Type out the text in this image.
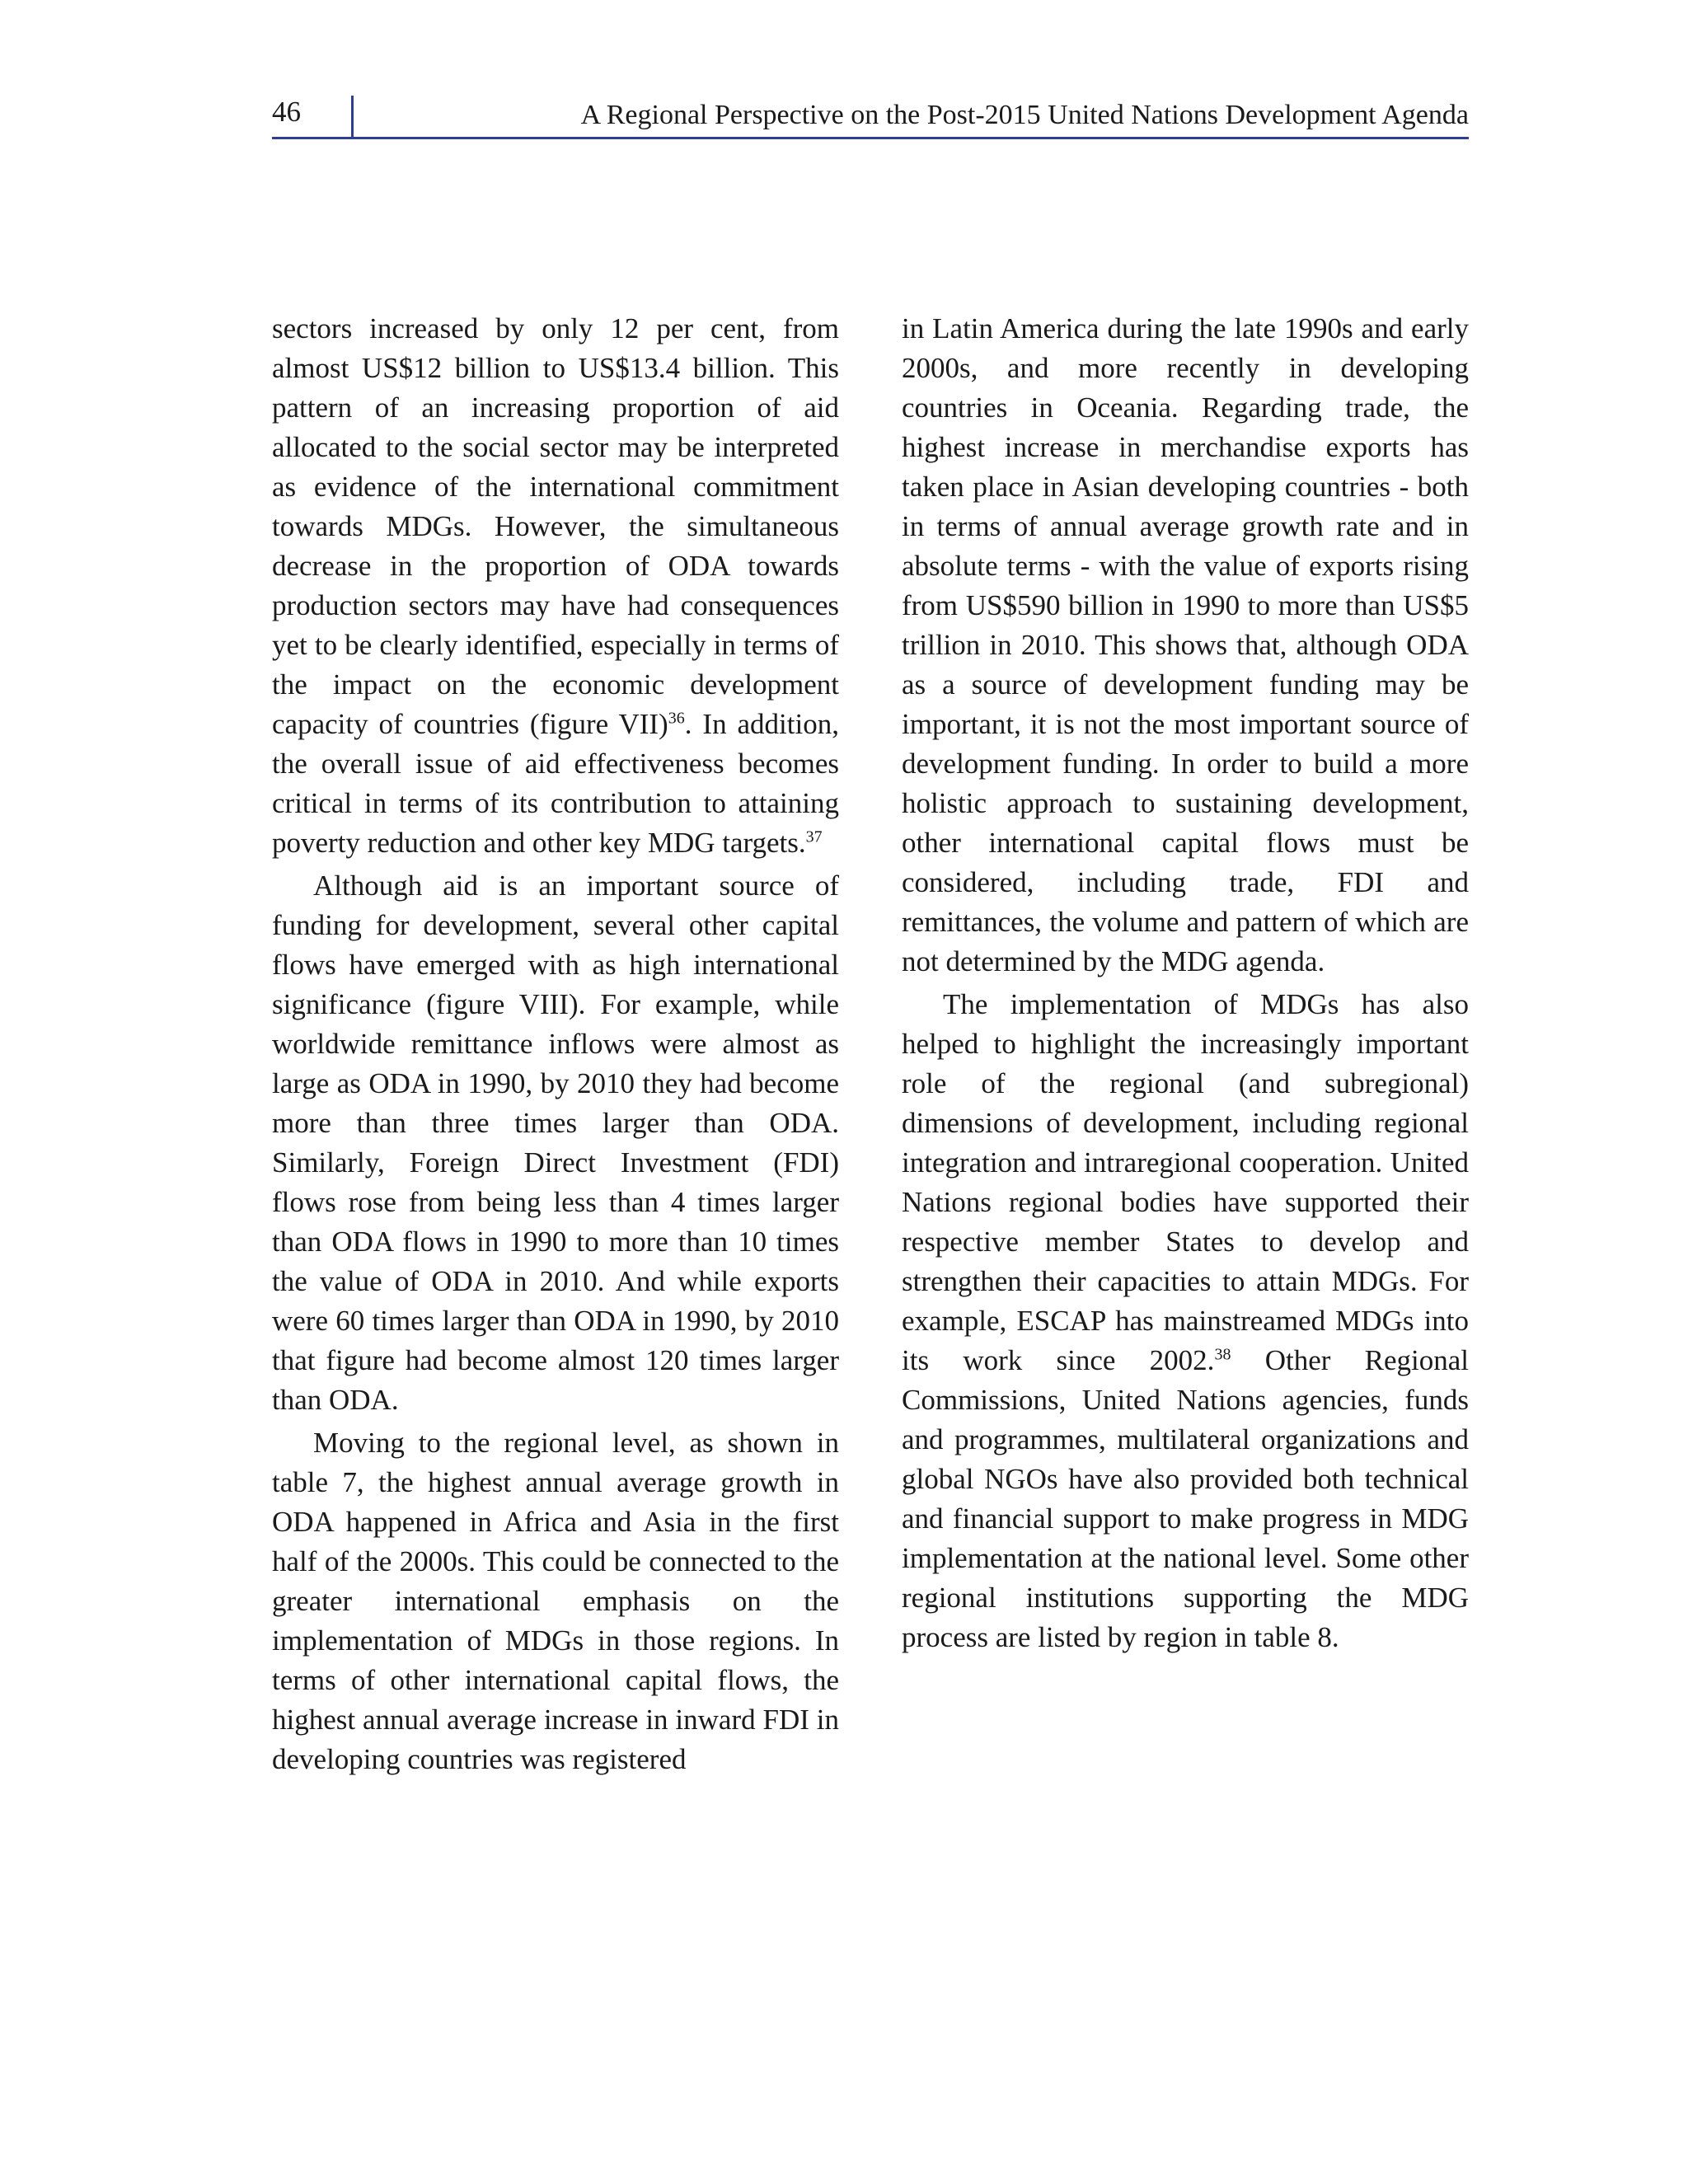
46	A Regional Perspective on the Post-2015 United Nations Development Agenda

sectors increased by only 12 per cent, from almost US$12 billion to US$13.4 billion. This pattern of an increasing proportion of aid allocated to the social sector may be interpreted as evidence of the international commitment towards MDGs. However, the simultaneous decrease in the proportion of ODA towards production sectors may have had consequences yet to be clearly identified, especially in terms of the impact on the economic development capacity of countries (figure VII)$^{36}$. In addition, the overall issue of aid effectiveness becomes critical in terms of its contribution to attaining poverty reduction and other key MDG targets.$^{37}$

Although aid is an important source of funding for development, several other capital flows have emerged with as high international significance (figure VIII). For example, while worldwide remittance inflows were almost as large as ODA in 1990, by 2010 they had become more than three times larger than ODA. Similarly, Foreign Direct Investment (FDI) flows rose from being less than 4 times larger than ODA flows in 1990 to more than 10 times the value of ODA in 2010. And while exports were 60 times larger than ODA in 1990, by 2010 that figure had become almost 120 times larger than ODA.

Moving to the regional level, as shown in table 7, the highest annual average growth in ODA happened in Africa and Asia in the first half of the 2000s. This could be connected to the greater international emphasis on the implementation of MDGs in those regions. In terms of other international capital flows, the highest annual average increase in inward FDI in developing countries was registered

in Latin America during the late 1990s and early 2000s, and more recently in developing countries in Oceania. Regarding trade, the highest increase in merchandise exports has taken place in Asian developing countries - both in terms of annual average growth rate and in absolute terms - with the value of exports rising from US$590 billion in 1990 to more than US$5 trillion in 2010. This shows that, although ODA as a source of development funding may be important, it is not the most important source of development funding. In order to build a more holistic approach to sustaining development, other international capital flows must be considered, including trade, FDI and remittances, the volume and pattern of which are not determined by the MDG agenda.

The implementation of MDGs has also helped to highlight the increasingly important role of the regional (and subregional) dimensions of development, including regional integration and intraregional cooperation. United Nations regional bodies have supported their respective member States to develop and strengthen their capacities to attain MDGs. For example, ESCAP has mainstreamed MDGs into its work since 2002.38 Other Regional Commissions, United Nations agencies, funds and programmes, multilateral organizations and global NGOs have also provided both technical and financial support to make progress in MDG implementation at the national level. Some other regional institutions supporting the MDG process are listed by region in table 8.
